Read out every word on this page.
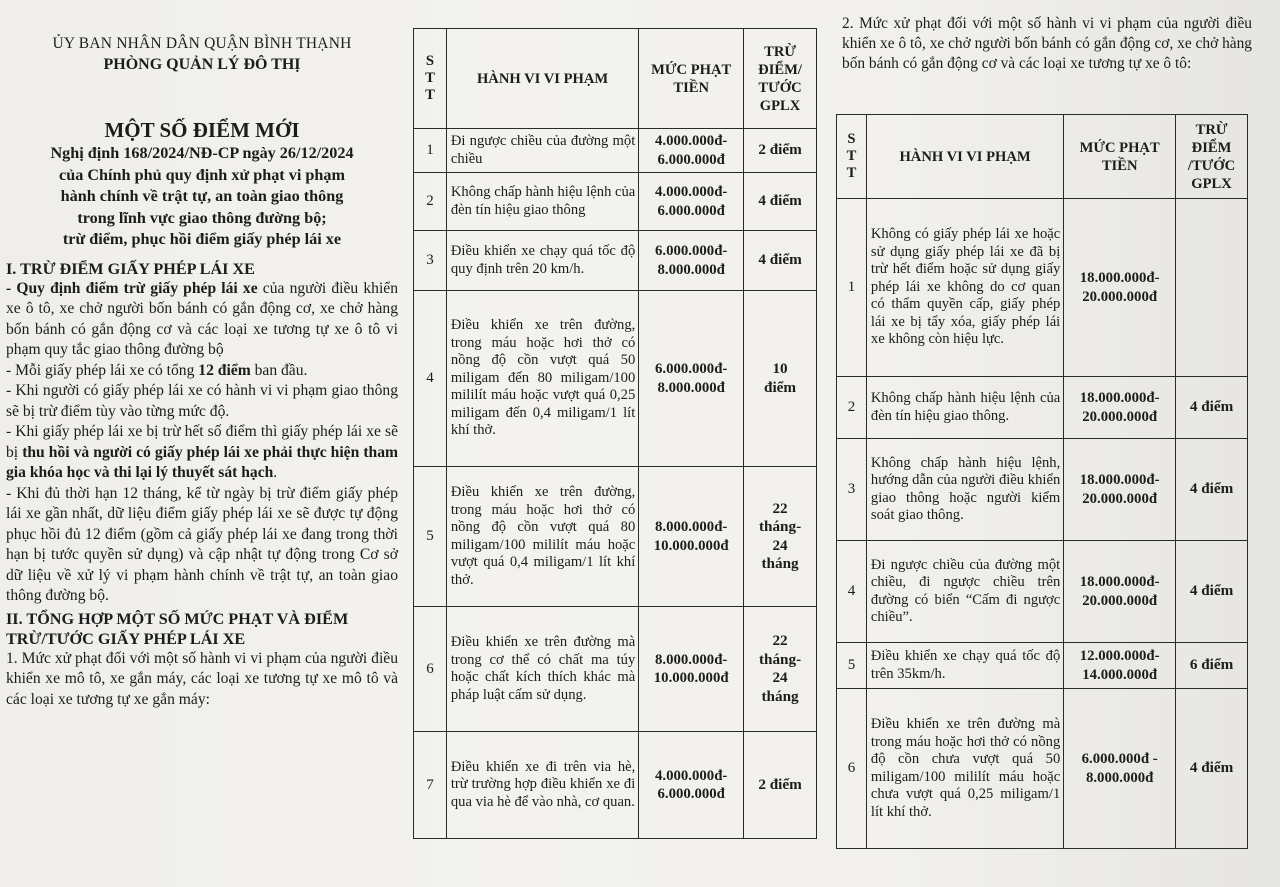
ỦY BAN NHÂN DÂN QUẬN BÌNH THẠNH
PHÒNG QUẢN LÝ ĐÔ THỊ
MỘT SỐ ĐIỂM MỚI
Nghị định 168/2024/NĐ-CP ngày 26/12/2024
của Chính phủ quy định xử phạt vi phạm
hành chính về trật tự, an toàn giao thông
trong lĩnh vực giao thông đường bộ;
trừ điểm, phục hồi điểm giấy phép lái xe
I. TRỪ ĐIỂM GIẤY PHÉP LÁI XE
- Quy định điểm trừ giấy phép lái xe của người điều khiển xe ô tô, xe chở người bốn bánh có gắn động cơ, xe chở hàng bốn bánh có gắn động cơ và các loại xe tương tự xe ô tô vi phạm quy tắc giao thông đường bộ
- Mỗi giấy phép lái xe có tổng 12 điểm ban đầu.
- Khi người có giấy phép lái xe có hành vi vi phạm giao thông sẽ bị trừ điểm tùy vào từng mức độ.
- Khi giấy phép lái xe bị trừ hết số điểm thì giấy phép lái xe sẽ bị thu hồi và người có giấy phép lái xe phải thực hiện tham gia khóa học và thi lại lý thuyết sát hạch.
- Khi đủ thời hạn 12 tháng, kể từ ngày bị trừ điểm giấy phép lái xe gần nhất, dữ liệu điểm giấy phép lái xe sẽ được tự động phục hồi đủ 12 điểm (gồm cả giấy phép lái xe đang trong thời hạn bị tước quyền sử dụng) và cập nhật tự động trong Cơ sở dữ liệu về xử lý vi phạm hành chính về trật tự, an toàn giao thông đường bộ.
II. TỔNG HỢP MỘT SỐ MỨC PHẠT VÀ ĐIỂM TRỪ/TƯỚC GIẤY PHÉP LÁI XE
1. Mức xử phạt đối với một số hành vi vi phạm của người điều khiển xe mô tô, xe gắn máy, các loại xe tương tự xe mô tô và các loại xe tương tự xe gắn máy:
S
T
T	HÀNH VI VI PHẠM	MỨC PHẠT
TIỀN	TRỪ
ĐIỂM/
TƯỚC
GPLX
1	Đi ngược chiều của đường một chiều	4.000.000đ-
6.000.000đ	2 điểm
2	Không chấp hành hiệu lệnh của đèn tín hiệu giao thông	4.000.000đ-
6.000.000đ	4 điểm
3	Điều khiển xe chạy quá tốc độ quy định trên 20 km/h.	6.000.000đ-
8.000.000đ	4 điểm
4	Điều khiển xe trên đường, trong máu hoặc hơi thở có nồng độ cồn vượt quá 50 miligam đến 80 miligam/100 mililít máu hoặc vượt quá 0,25 miligam đến 0,4 miligam/1 lít khí thở.	6.000.000đ-
8.000.000đ	10
điểm
5	Điều khiển xe trên đường, trong máu hoặc hơi thở có nồng độ cồn vượt quá 80 miligam/100 mililít máu hoặc vượt quá 0,4 miligam/1 lít khí thở.	8.000.000đ-
10.000.000đ	22
tháng-
24
tháng
6	Điều khiển xe trên đường mà trong cơ thể có chất ma túy hoặc chất kích thích khác mà pháp luật cấm sử dụng.	8.000.000đ-
10.000.000đ	22
tháng-
24
tháng
7	Điều khiển xe đi trên via hè, trừ trường hợp điều khiển xe đi qua via hè để vào nhà, cơ quan.	4.000.000đ-
6.000.000đ	2 điểm
2. Mức xử phạt đối với một số hành vi vi phạm của người điều khiển xe ô tô, xe chở người bốn bánh có gắn động cơ, xe chở hàng bốn bánh có gắn động cơ và các loại xe tương tự xe ô tô:
S
T
T	HÀNH VI VI PHẠM	MỨC PHẠT
TIỀN	TRỪ
ĐIỂM
/TƯỚC
GPLX
1	Không có giấy phép lái xe hoặc sử dụng giấy phép lái xe đã bị trừ hết điểm hoặc sử dụng giấy phép lái xe không do cơ quan có thẩm quyền cấp, giấy phép lái xe bị tẩy xóa, giấy phép lái xe không còn hiệu lực.	18.000.000đ-
20.000.000đ	
2	Không chấp hành hiệu lệnh của đèn tín hiệu giao thông.	18.000.000đ-
20.000.000đ	4 điểm
3	Không chấp hành hiệu lệnh, hướng dẫn của người điều khiển giao thông hoặc người kiểm soát giao thông.	18.000.000đ-
20.000.000đ	4 điểm
4	Đi ngược chiều của đường một chiều, đi ngược chiều trên đường có biển “Cấm đi ngược chiều”.	18.000.000đ-
20.000.000đ	4 điểm
5	Điều khiển xe chạy quá tốc độ trên 35km/h.	12.000.000đ-
14.000.000đ	6 điểm
6	Điều khiển xe trên đường mà trong máu hoặc hơi thở có nồng độ cồn chưa vượt quá 50 miligam/100 mililít máu hoặc chưa vượt quá 0,25 miligam/1 lít khí thở.	6.000.000đ -
8.000.000đ	4 điểm
